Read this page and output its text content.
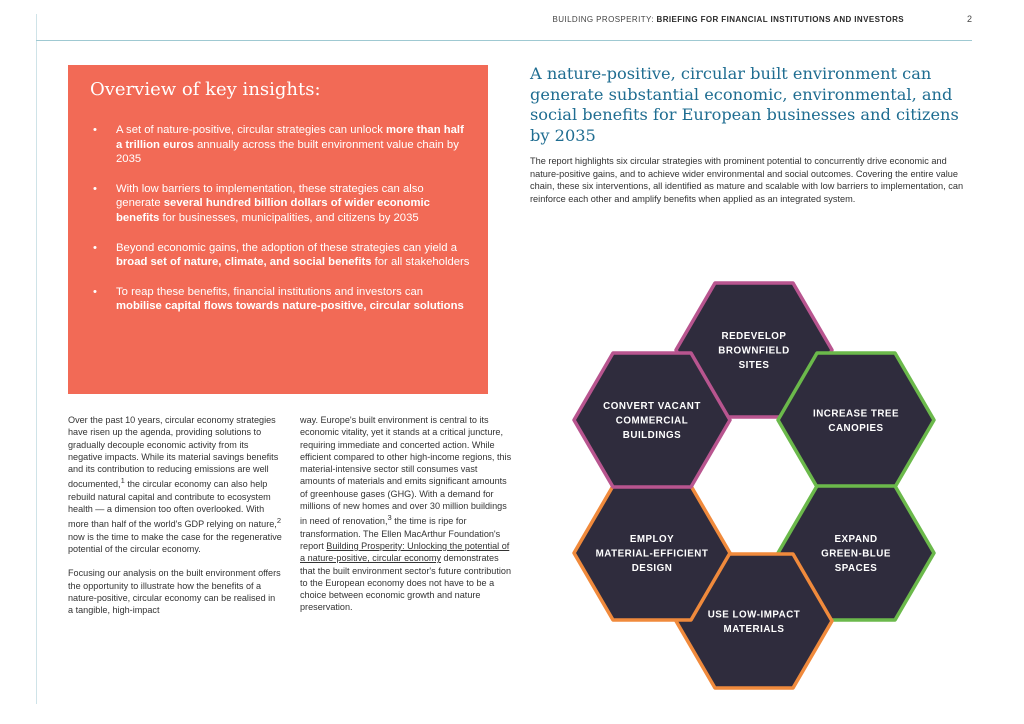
BUILDING PROSPERITY: BRIEFING FOR FINANCIAL INSTITUTIONS AND INVESTORS	2
Overview of key insights:
• A set of nature-positive, circular strategies can unlock more than half a trillion euros annually across the built environment value chain by 2035
• With low barriers to implementation, these strategies can also generate several hundred billion dollars of wider economic benefits for businesses, municipalities, and citizens by 2035
• Beyond economic gains, the adoption of these strategies can yield a broad set of nature, climate, and social benefits for all stakeholders
• To reap these benefits, financial institutions and investors can mobilise capital flows towards nature-positive, circular solutions
A nature-positive, circular built environment can generate substantial economic, environmental, and social benefits for European businesses and citizens by 2035

The report highlights six circular strategies with prominent potential to concurrently drive economic and nature-positive gains, and to achieve wider environmental and social outcomes. Covering the entire value chain, these six interventions, all identified as mature and scalable with low barriers to implementation, can reinforce each other and amplify benefits when applied as an integrated system.

Over the past 10 years, circular economy strategies have risen up the agenda, providing solutions to gradually decouple economic activity from its negative impacts. While its material savings benefits and its contribution to reducing emissions are well documented,$^1$ the circular economy can also help rebuild natural capital and contribute to ecosystem health — a dimension too often overlooked. With more than half of the world's GDP relying on nature,$^2$ now is the time to make the case for the regenerative potential of the circular economy.

Focusing our analysis on the built environment offers the opportunity to illustrate how the benefits of a nature-positive, circular economy can be realised in a tangible, high-impact

way. Europe's built environment is central to its economic vitality, yet it stands at a critical juncture, requiring immediate and concerted action. While efficient compared to other high-income regions, this material-intensive sector still consumes vast amounts of materials and emits significant amounts of greenhouse gases (GHG). With a demand for millions of new homes and over 30 million buildings in need of renovation,$^3$ the time is ripe for transformation. The Ellen MacArthur Foundation's report Building Prosperity: Unlocking the potential of a nature-positive, circular economy demonstrates that the built environment sector's future contribution to the European economy does not have to be a choice between economic growth and nature preservation.

REDEVELOP
BROWNFIELD
SITES
INCREASE TREE
CANOPIES
EXPAND
GREEN-BLUE
SPACES
USE LOW-IMPACT
MATERIALS
EMPLOY
MATERIAL-EFFICIENT
DESIGN
CONVERT VACANT
COMMERCIAL
BUILDINGS
